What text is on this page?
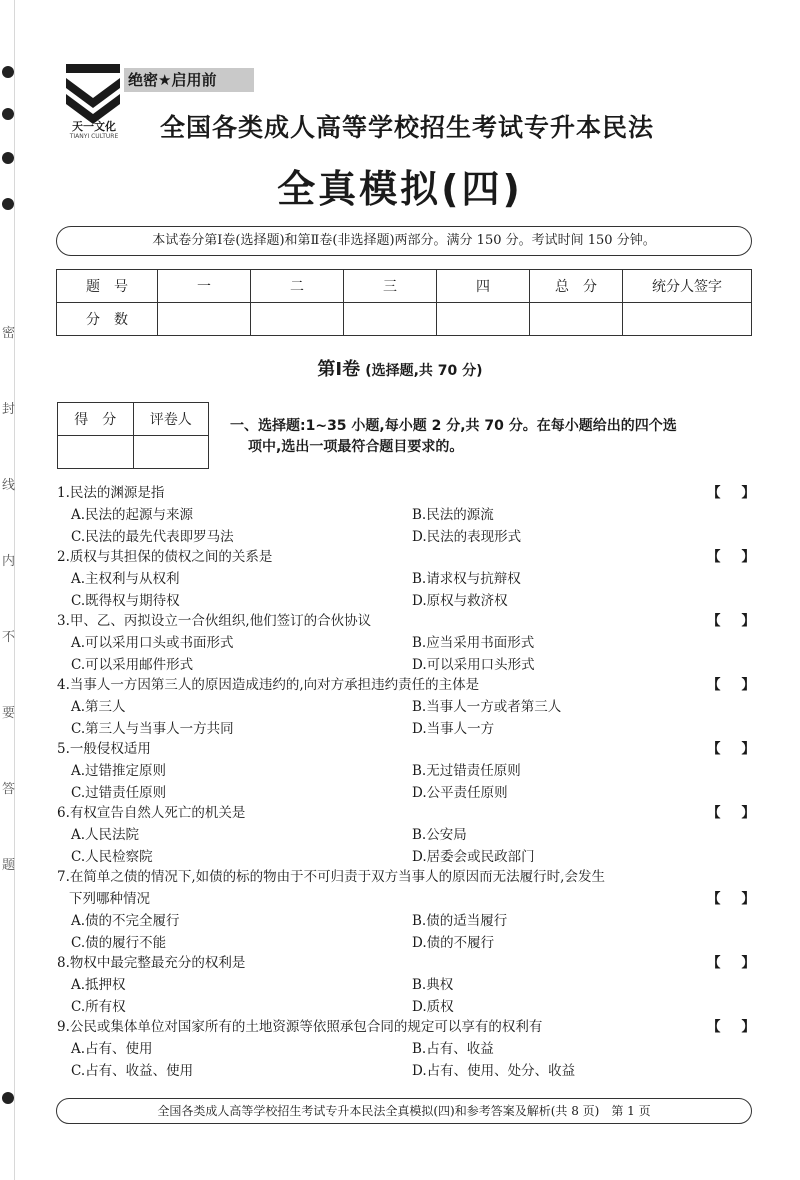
密
封
线
内
不
要
答
题
天一文化
TIANYI CULTURE
绝密★启用前
全国各类成人高等学校招生考试专升本民法
全真模拟(四)
本试卷分第Ⅰ卷(选择题)和第Ⅱ卷(非选择题)两部分。满分 150 分。考试时间 150 分钟。
题　号	一	二	三	四	总　分	统分人签字
分　数						
第Ⅰ卷 (选择题,共 70 分)
得　分	评卷人
		一、选择题:1~35 小题,每小题 2 分,共 70 分。在每小题给出的四个选
项中,选出一项最符合题目要求的。
1.民法的渊源是指	【 】
A.民法的起源与来源	B.民法的源流
C.民法的最先代表即罗马法	D.民法的表现形式
2.质权与其担保的债权之间的关系是	【 】
A.主权利与从权利	B.请求权与抗辩权
C.既得权与期待权	D.原权与救济权
3.甲、乙、丙拟设立一合伙组织,他们签订的合伙协议	【 】
A.可以采用口头或书面形式	B.应当采用书面形式
C.可以采用邮件形式	D.可以采用口头形式
4.当事人一方因第三人的原因造成违约的,向对方承担违约责任的主体是	【 】
A.第三人	B.当事人一方或者第三人
C.第三人与当事人一方共同	D.当事人一方
5.一般侵权适用	【 】
A.过错推定原则	B.无过错责任原则
C.过错责任原则	D.公平责任原则
6.有权宣告自然人死亡的机关是	【 】
A.人民法院	B.公安局
C.人民检察院	D.居委会或民政部门
7.在简单之债的情况下,如债的标的物由于不可归责于双方当事人的原因而无法履行时,会发生
下列哪种情况	【 】
A.债的不完全履行	B.债的适当履行
C.债的履行不能	D.债的不履行
8.物权中最完整最充分的权利是	【 】
A.抵押权	B.典权
C.所有权	D.质权
9.公民或集体单位对国家所有的土地资源等依照承包合同的规定可以享有的权利有	【 】
A.占有、使用	B.占有、收益
C.占有、收益、使用	D.占有、使用、处分、收益
全国各类成人高等学校招生考试专升本民法全真模拟(四)和参考答案及解析(共 8 页)　第 1 页
